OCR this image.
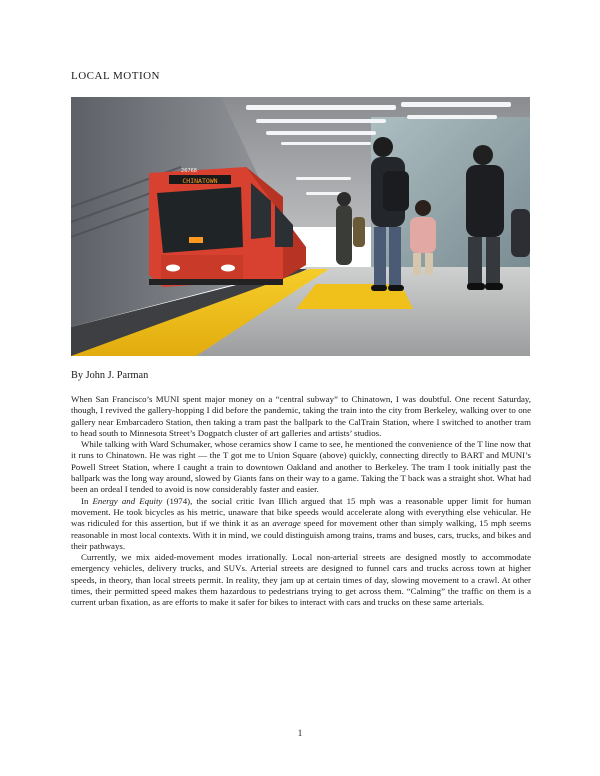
LOCAL MOTION
CHINATOWN
26768

By John J. Parman

When San Francisco’s MUNI spent major money on a “central subway” to Chinatown, I was doubtful. One recent Saturday, though, I revived the gallery-hopping I did before the pandemic, taking the train into the city from Berkeley, walking over to one gallery near Embarcadero Station, then taking a tram past the ballpark to the CalTrain Station, where I switched to another tram to head south to Minnesota Street’s Dogpatch cluster of art galleries and artists’ studios.

While talking with Ward Schumaker, whose ceramics show I came to see, he mentioned the convenience of the T line now that it runs to Chinatown. He was right — the T got me to Union Square (above) quickly, connecting directly to BART and MUNI’s Powell Street Station, where I caught a train to downtown Oakland and another to Berkeley. The tram I took initially past the ballpark was the long way around, slowed by Giants fans on their way to a game. Taking the T back was a straight shot. What had been an ordeal I tended to avoid is now considerably faster and easier.

In Energy and Equity (1974), the social critic Ivan Illich argued that 15 mph was a reasonable upper limit for human movement. He took bicycles as his metric, unaware that bike speeds would accelerate along with everything else vehicular. He was ridiculed for this assertion, but if we think it as an average speed for movement other than simply walking, 15 mph seems reasonable in most local contexts. With it in mind, we could distinguish among trains, trams and buses, cars, trucks, and bikes and their pathways.

Currently, we mix aided-movement modes irrationally. Local non-arterial streets are designed mostly to accommodate emergency vehicles, delivery trucks, and SUVs. Arterial streets are designed to funnel cars and trucks across town at higher speeds, in theory, than local streets permit. In reality, they jam up at certain times of day, slowing movement to a crawl. At other times, their permitted speed makes them hazardous to pedestrians trying to get across them. “Calming” the traffic on them is a current urban fixation, as are efforts to make it safer for bikes to interact with cars and trucks on these same arterials.

1
